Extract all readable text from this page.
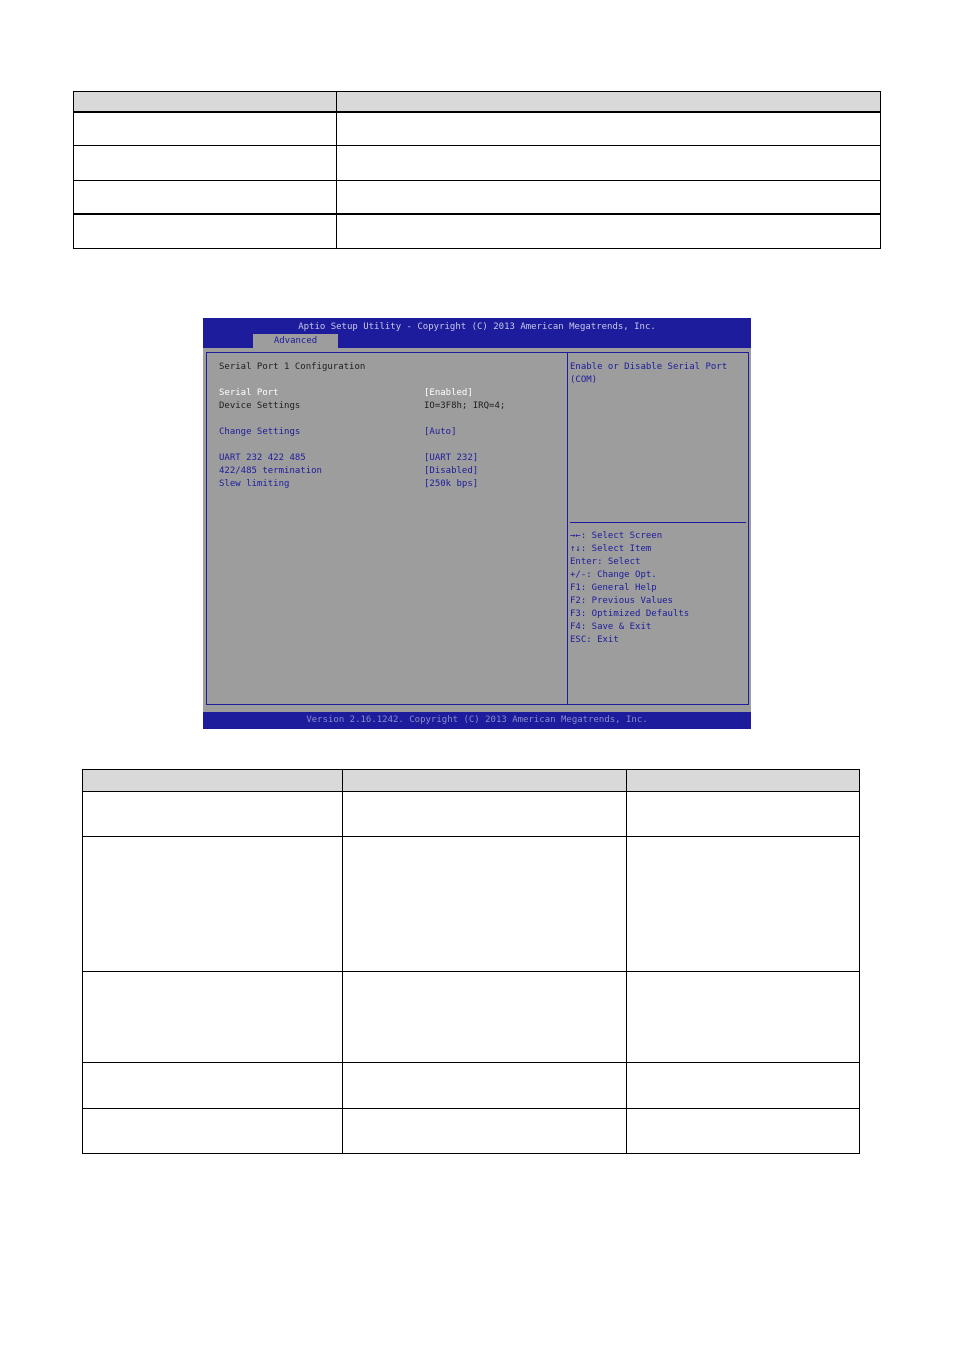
Aptio Setup Utility - Copyright (C) 2013 American Megatrends, Inc.
Advanced
Serial Port 1 Configuration
Serial Port	[Enabled]
Device Settings	IO=3F8h; IRQ=4;
Change Settings	[Auto]
UART 232 422 485	[UART 232]
422/485 termination	[Disabled]
Slew limiting	[250k bps]
Enable or Disable Serial Port
(COM)
→←: Select Screen
↑↓: Select Item
Enter: Select
+/-: Change Opt.
F1: General Help
F2: Previous Values
F3: Optimized Defaults
F4: Save & Exit
ESC: Exit
Version 2.16.1242. Copyright (C) 2013 American Megatrends, Inc.
